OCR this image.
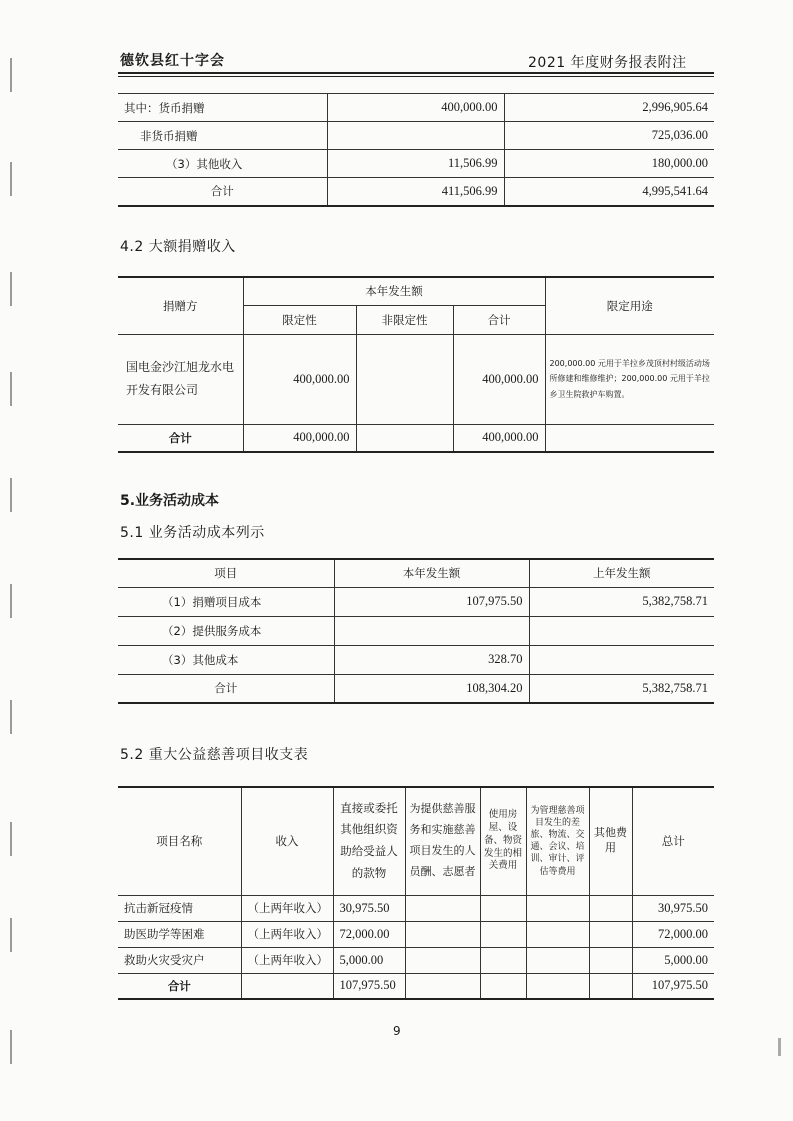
德钦县红十字会	2021 年度财务报表附注
其中：货币捐赠	400,000.00	2,996,905.64
非货币捐赠		725,036.00
（3）其他收入	11,506.99	180,000.00
合计	411,506.99	4,995,541.64
4.2 大额捐赠收入
捐赠方	本年发生额			限定用途
	限定性	非限定性	合计	
国电金沙江旭龙水电开发有限公司	400,000.00		400,000.00	200,000.00 元用于羊拉乡茂顶村村级活动场所修建和维修维护；200,000.00 元用于羊拉乡卫生院救护车购置。
合计	400,000.00		400,000.00	
5.业务活动成本
5.1 业务活动成本列示
项目	本年发生额	上年发生额
（1）捐赠项目成本	107,975.50	5,382,758.71
（2）提供服务成本		
（3）其他成本	328.70	
合计	108,304.20	5,382,758.71
5.2 重大公益慈善项目收支表
项目名称	收入	直接或委托其他组织资助给受益人的款物	为提供慈善服务和实施慈善项目发生的人员酬、志愿者	使用房屋、设备、物资发生的相关费用	为管理慈善项目发生的差旅、物流、交通、会议、培训、审计、评估等费用	其他费用	总计
抗击新冠疫情	（上两年收入）	30,975.50					30,975.50
助医助学等困难	（上两年收入）	72,000.00					72,000.00
救助火灾受灾户	（上两年收入）	5,000.00					5,000.00
合计		107,975.50					107,975.50
9
